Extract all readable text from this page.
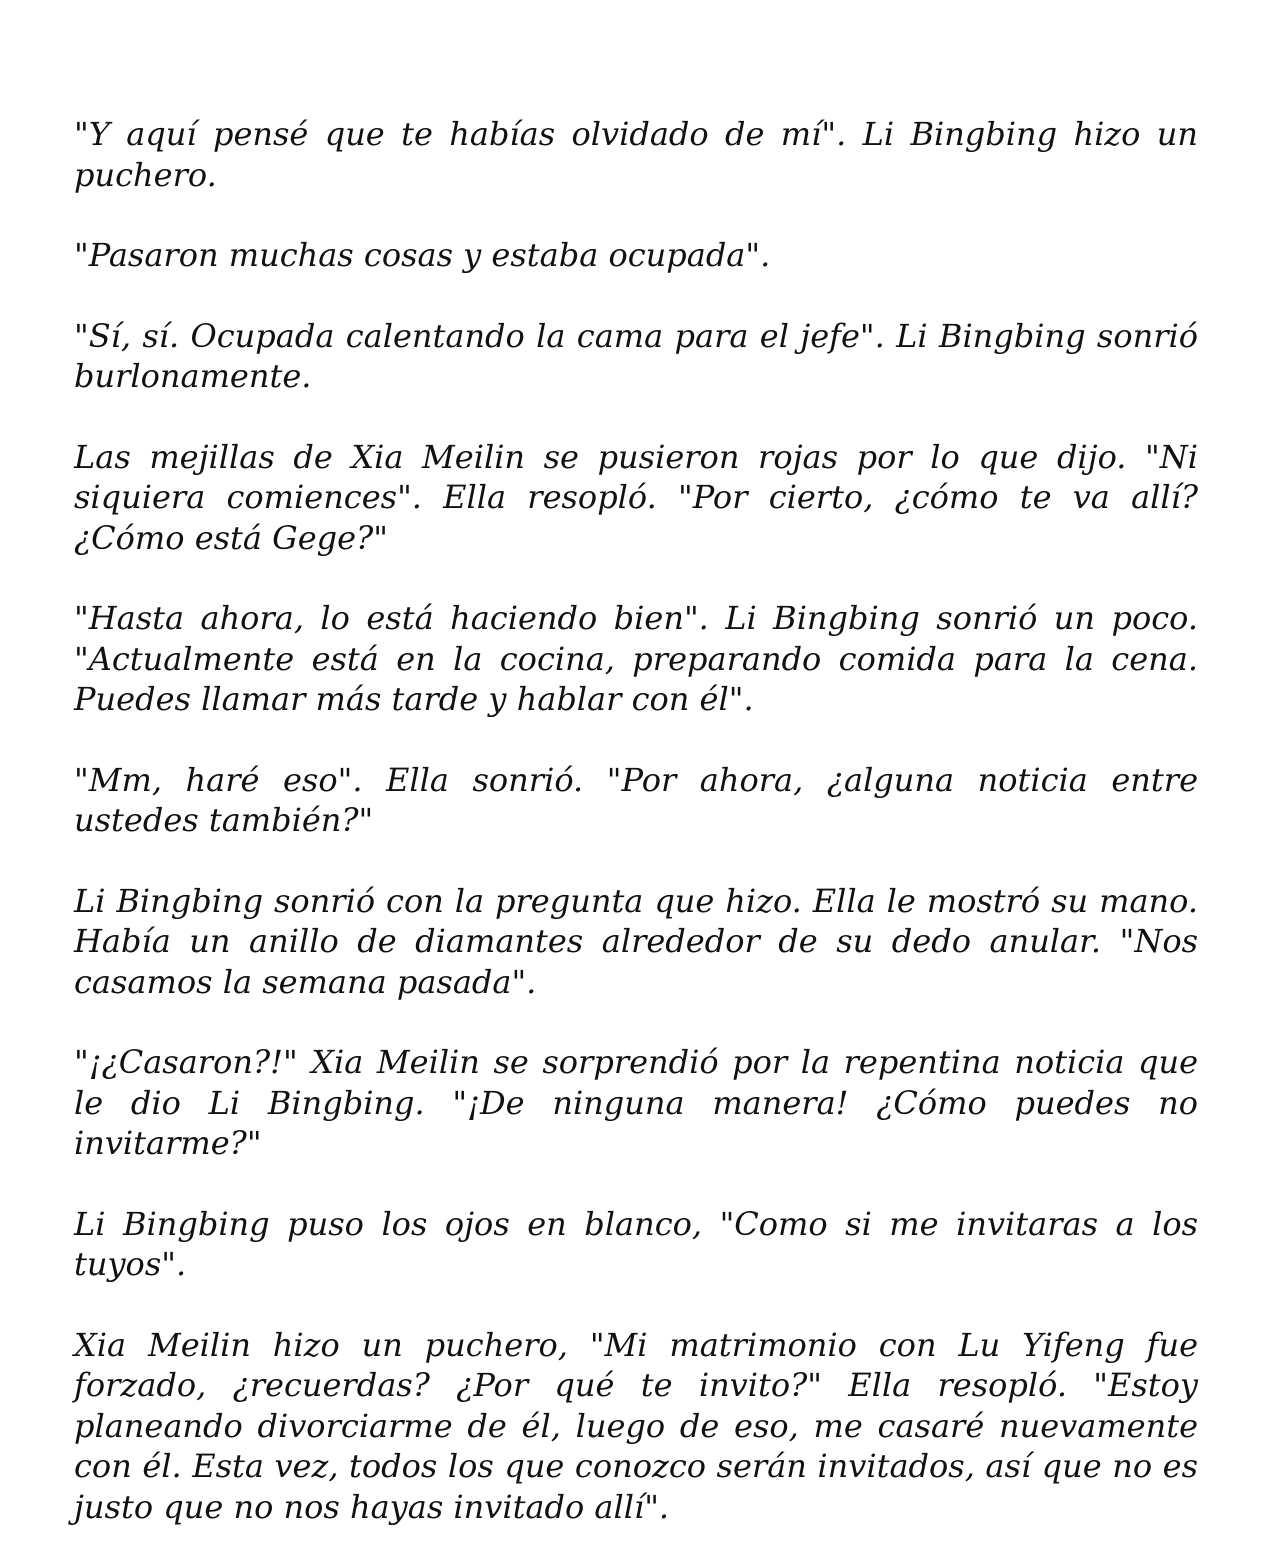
"Y aquí pensé que te habías olvidado de mí". Li Bingbing hizo un puchero.

"Pasaron muchas cosas y estaba ocupada".

"Sí, sí. Ocupada calentando la cama para el jefe". Li Bingbing sonrió burlonamente.

Las mejillas de Xia Meilin se pusieron rojas por lo que dijo. "Ni siquiera comiences". Ella resopló. "Por cierto, ¿cómo te va allí? ¿Cómo está Gege?"

"Hasta ahora, lo está haciendo bien". Li Bingbing sonrió un poco. "Actualmente está en la cocina, preparando comida para la cena. Puedes llamar más tarde y hablar con él".

"Mm, haré eso". Ella sonrió. "Por ahora, ¿alguna noticia entre ustedes también?"

Li Bingbing sonrió con la pregunta que hizo. Ella le mostró su mano. Había un anillo de diamantes alrededor de su dedo anular. "Nos casamos la semana pasada".

"¡¿Casaron?!" Xia Meilin se sorprendió por la repentina noticia que le dio Li Bingbing. "¡De ninguna manera! ¿Cómo puedes no invitarme?"

Li Bingbing puso los ojos en blanco, "Como si me invitaras a los tuyos".

Xia Meilin hizo un puchero, "Mi matrimonio con Lu Yifeng fue forzado, ¿recuerdas? ¿Por qué te invito?" Ella resopló. "Estoy planeando divorciarme de él, luego de eso, me casaré nuevamente con él. Esta vez, todos los que conozco serán invitados, así que no es justo que no nos hayas invitado allí".
